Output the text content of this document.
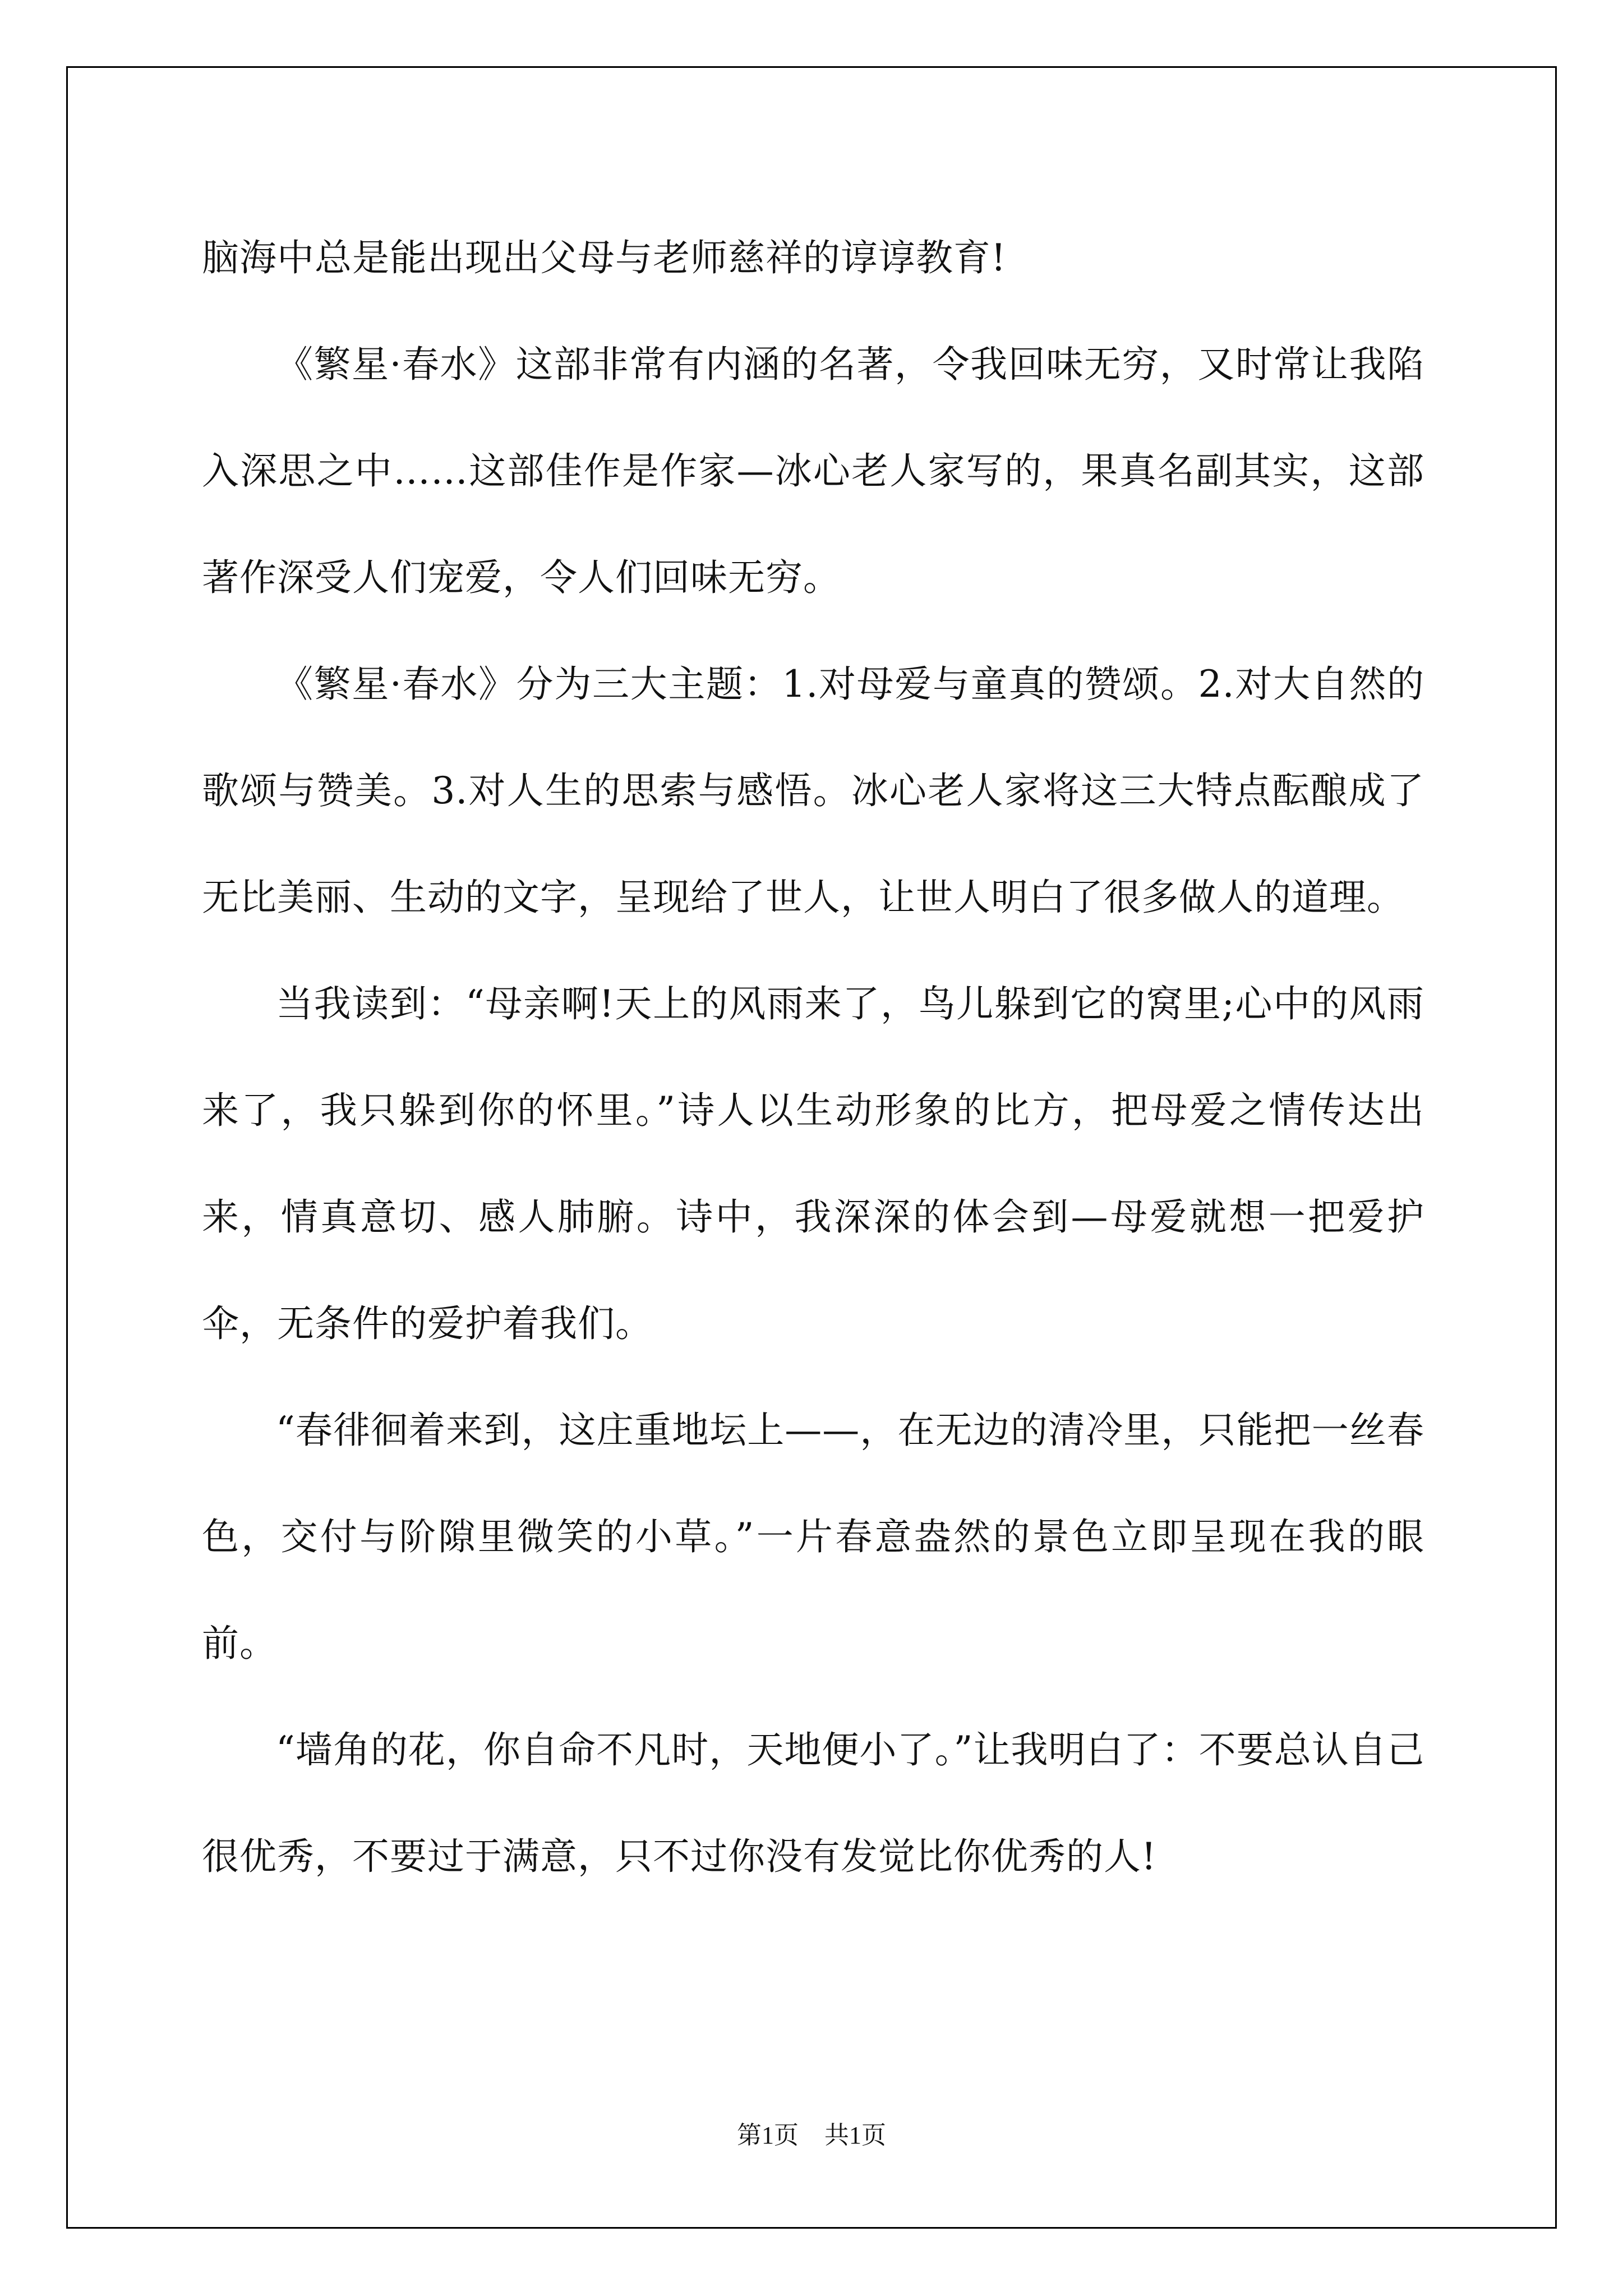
脑海中总是能出现出父母与老师慈祥的谆谆教育!

《繁星·春水》这部非常有内涵的名著，令我回味无穷，又时常让我陷入深思之中……这部佳作是作家—冰心老人家写的，果真名副其实，这部著作深受人们宠爱，令人们回味无穷。

《繁星·春水》分为三大主题：1.对母爱与童真的赞颂。2.对大自然的歌颂与赞美。3.对人生的思索与感悟。冰心老人家将这三大特点酝酿成了无比美丽、生动的文字，呈现给了世人，让世人明白了很多做人的道理。

当我读到：“母亲啊!天上的风雨来了，鸟儿躲到它的窝里;心中的风雨来了，我只躲到你的怀里。”诗人以生动形象的比方，把母爱之情传达出来，情真意切、感人肺腑。诗中，我深深的体会到—母爱就想一把爱护伞，无条件的爱护着我们。

“春徘徊着来到，这庄重地坛上——，在无边的清冷里，只能把一丝春色，交付与阶隙里微笑的小草。”一片春意盎然的景色立即呈现在我的眼前。

“墙角的花，你自命不凡时，天地便小了。”让我明白了：不要总认自己很优秀，不要过于满意，只不过你没有发觉比你优秀的人!

第1页 共1页
